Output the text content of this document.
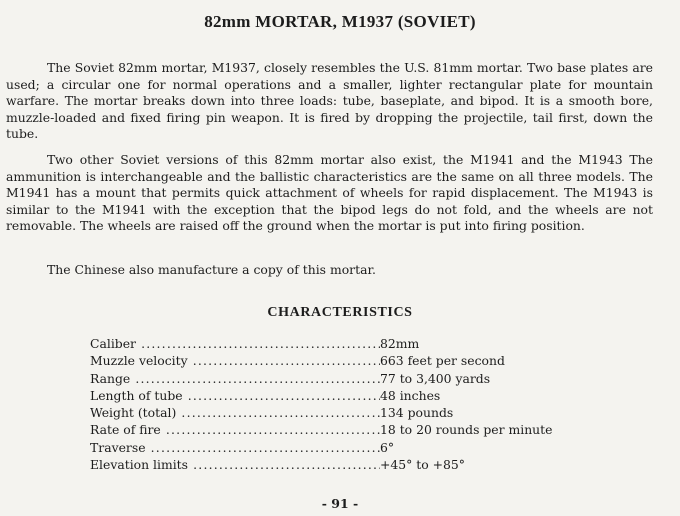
82mm MORTAR, M1937 (SOVIET)

The Soviet 82mm mortar, M1937, closely resembles the U.S. 81mm mortar. Two base plates are used; a circular one for normal operations and a smaller, lighter rectangular plate for mountain warfare. The mortar breaks down into three loads: tube, baseplate, and bipod. It is a smooth bore, muzzle-loaded and fixed firing pin weapon. It is fired by dropping the projectile, tail first, down the tube.

Two other Soviet versions of this 82mm mortar also exist, the M1941 and the M1943 The ammunition is interchangeable and the ballistic characteristics are the same on all three models. The M1941 has a mount that permits quick attachment of wheels for rapid displacement. The M1943 is similar to the M1941 with the exception that the bipod legs do not fold, and the wheels are not removable. The wheels are raised off the ground when the mortar is put into firing position.

The Chinese also manufacture a copy of this mortar.

CHARACTERISTICS
Caliber .....	82mm
Muzzle velocity .....	663 feet per second
Range .....	77 to 3,400 yards
Length of tube .....	48 inches
Weight (total) .....	134 pounds
Rate of fire .....	18 to 20 rounds per minute
Traverse .....	6°
Elevation limits .....	+45° to +85°
- 91 -
